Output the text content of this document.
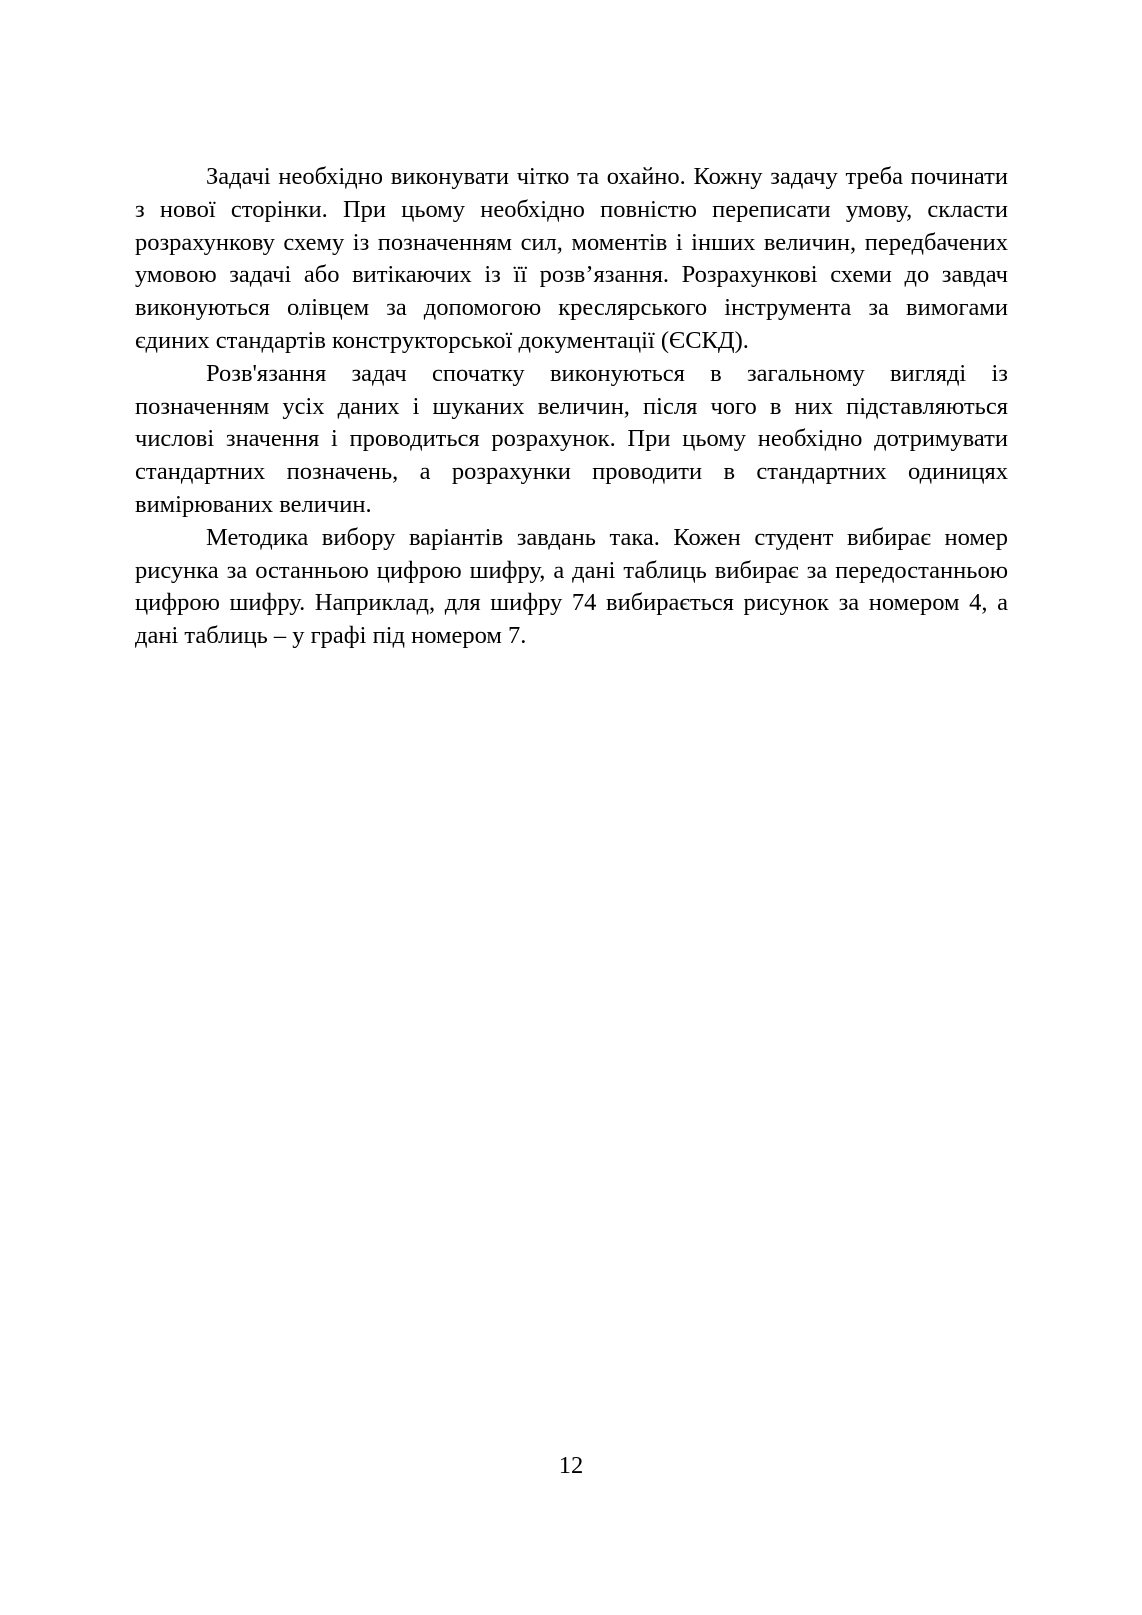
Задачі необхідно виконувати чітко та охайно. Кожну задачу треба починати з нової сторінки. При цьому необхідно повністю переписати умову, скласти розрахункову схему із позначенням сил, моментів і інших величин, передбачених умовою задачі або витікаючих із її розв’язання. Розрахункові схеми до завдач виконуються олівцем за допомогою креслярського інструмента за вимогами єдиних стандартів конструкторської документації (ЄСКД).

Розв'язання задач спочатку виконуються в загальному вигляді із позначенням усіх даних і шуканих величин, після чого в них підставляються числові значення і проводиться розрахунок. При цьому необхідно дотримувати стандартних позначень, а розрахунки проводити в стандартних одиницях вимірюваних величин.

Методика вибору варіантів завдань така. Кожен студент вибирає номер рисунка за останньою цифрою шифру, а дані таблиць вибирає за передостанньою цифрою шифру. Наприклад, для шифру 74 вибирається рисунок за номером 4, а дані таблиць – у графі під номером 7.

12
